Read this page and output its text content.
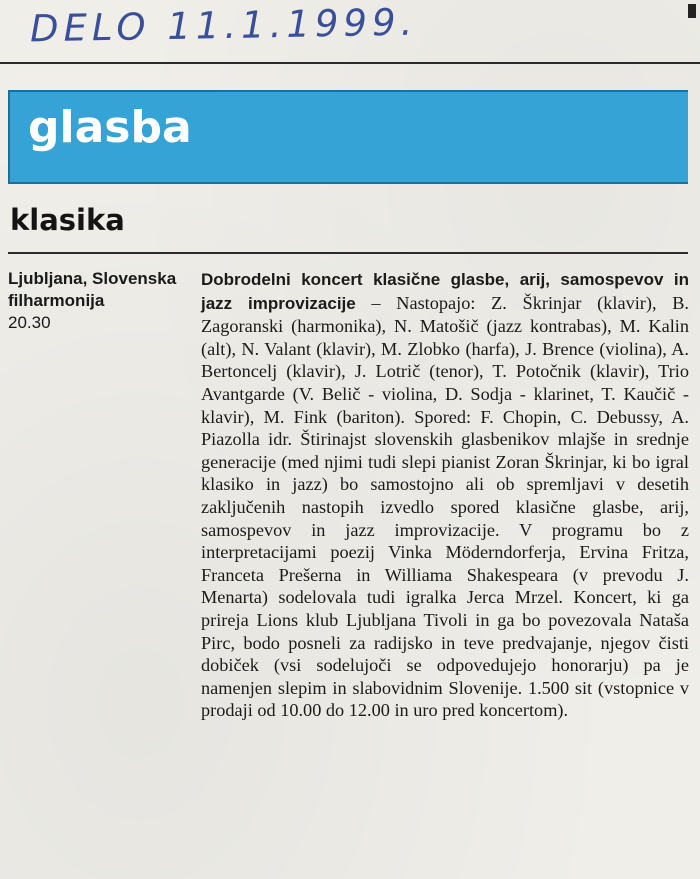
DELO 11.1.1999.
glasba
klasika
Ljubljana, Slovenska filharmonija
20.30
Dobrodelni koncert klasične glasbe, arij, samospevov in jazz improvizacije – Nastopajo: Z. Škrinjar (klavir), B. Zagoranski (harmonika), N. Matošič (jazz kontrabas), M. Kalin (alt), N. Valant (klavir), M. Zlobko (harfa), J. Brence (violina), A. Bertoncelj (klavir), J. Lotrič (tenor), T. Potočnik (klavir), Trio Avantgarde (V. Belič - violina, D. Sodja - klarinet, T. Kaučič - klavir), M. Fink (bariton). Spored: F. Chopin, C. Debussy, A. Piazolla idr. Štirinajst slovenskih glasbenikov mlajše in srednje generacije (med njimi tudi slepi pianist Zoran Škrinjar, ki bo igral klasiko in jazz) bo samostojno ali ob spremljavi v desetih zaključenih nastopih izvedlo spored klasične glasbe, arij, samospevov in jazz improvizacije. V programu bo z interpretacijami poezij Vinka Möderndorferja, Ervina Fritza, Franceta Prešerna in Williama Shakespeara (v prevodu J. Menarta) sodelovala tudi igralka Jerca Mrzel. Koncert, ki ga prireja Lions klub Ljubljana Tivoli in ga bo povezovala Nataša Pirc, bodo posneli za radijsko in teve predvajanje, njegov čisti dobiček (vsi sodelujoči se odpovedujejo honorarju) pa je namenjen slepim in slabovidnim Slovenije. 1.500 sit (vstopnice v prodaji od 10.00 do 12.00 in uro pred koncertom).
